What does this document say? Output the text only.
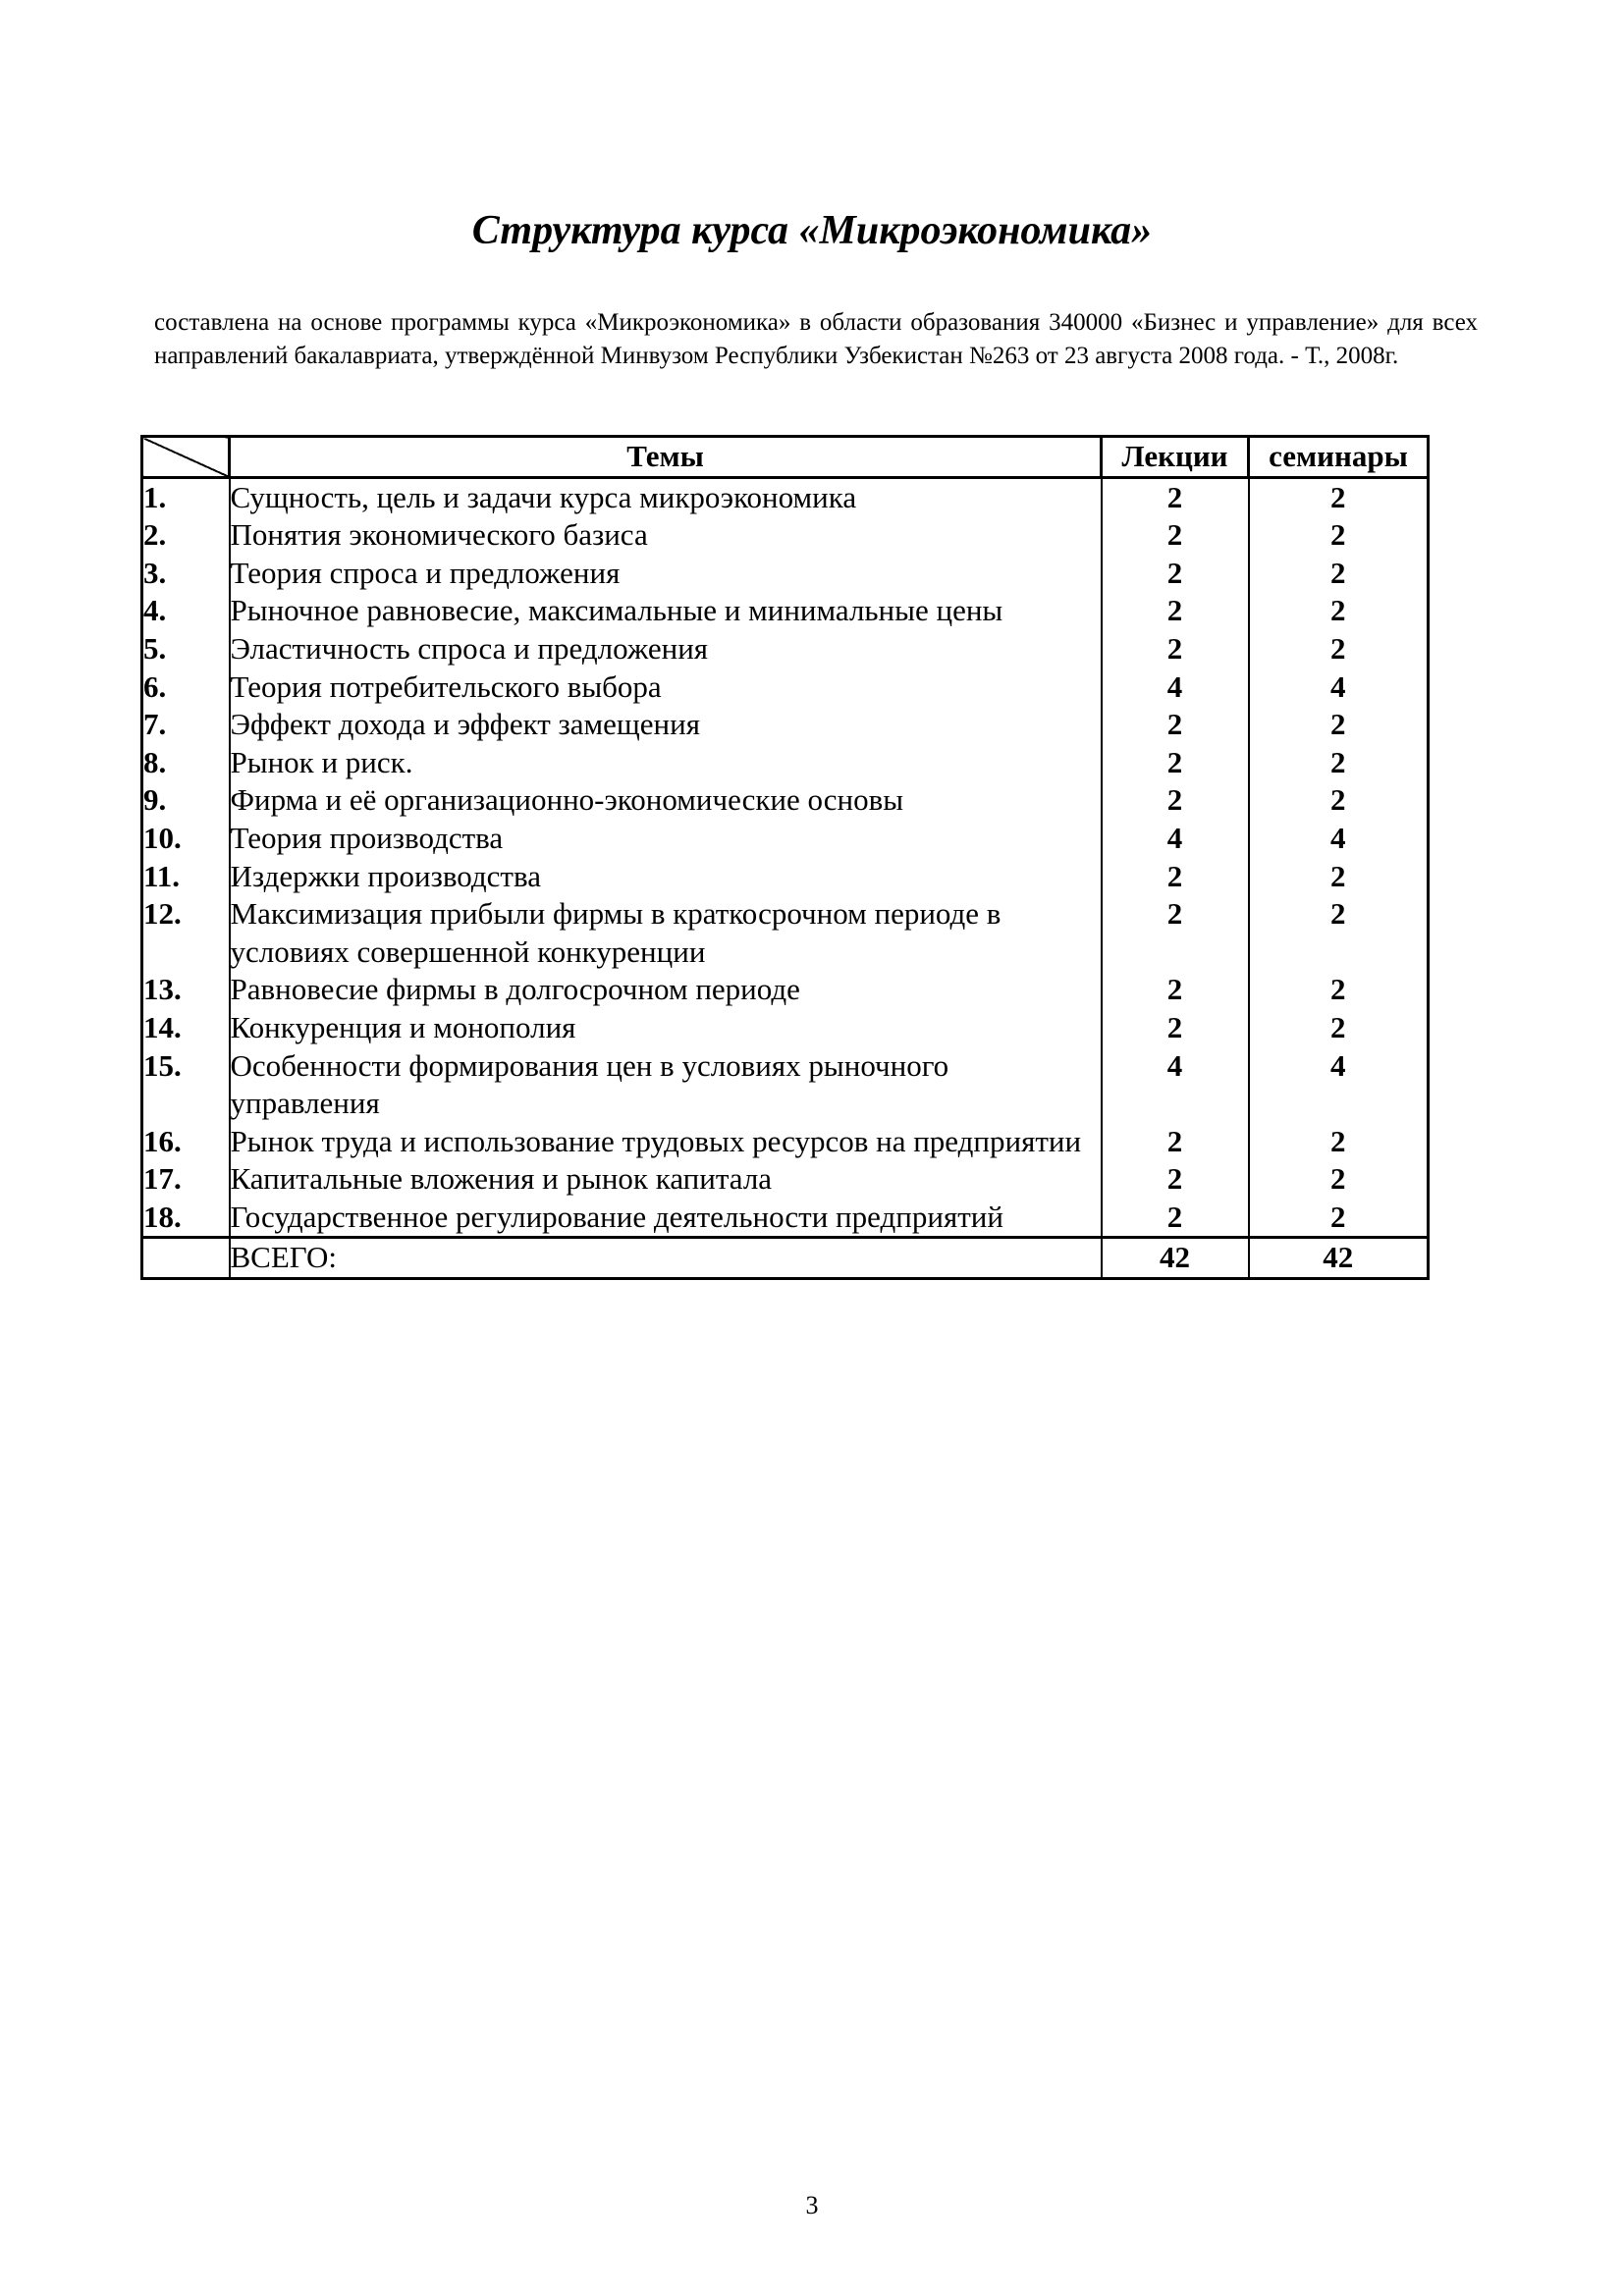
Структура курса «Микроэкономика»
составлена на основе программы курса «Микроэкономика» в области образования 340000 «Бизнес и управление» для всех направлений бакалавриата, утверждённой Минвузом Республики Узбекистан №263 от 23 августа 2008 года. - Т., 2008г.
	Темы	Лекции	семинары
1.	Сущность, цель и задачи курса микроэкономика	2	2
2.	Понятия экономического базиса	2	2
3.	Теория спроса и предложения	2	2
4.	Рыночное равновесие, максимальные и минимальные цены	2	2
5.	Эластичность спроса и предложения	2	2
6.	Теория потребительского выбора	4	4
7.	Эффект дохода и эффект замещения	2	2
8.	Рынок и риск.	2	2
9.	Фирма и её организационно-экономические основы	2	2
10.	Теория производства	4	4
11.	Издержки производства	2	2
12.	Максимизация прибыли фирмы в краткосрочном периоде в условиях совершенной конкуренции	2	2
13.	Равновесие фирмы в долгосрочном периоде	2	2
14.	Конкуренция и монополия	2	2
15.	Особенности формирования цен в условиях рыночного управления	4	4
16.	Рынок труда и использование трудовых ресурсов на предприятии	2	2
17.	Капитальные вложения и рынок капитала	2	2
18.	Государственное регулирование деятельности предприятий	2	2
	ВСЕГО:	42	42
3
